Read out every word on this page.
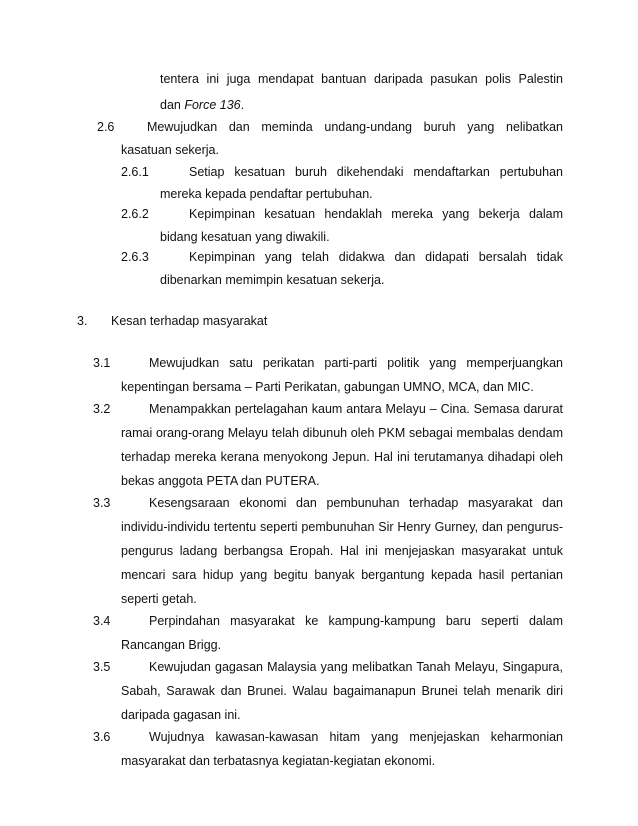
tentera ini juga mendapat bantuan daripada pasukan polis Palestin
dan Force 136.
2.6	Mewujudkan dan meminda undang-undang buruh yang nelibatkan
kasatuan sekerja.
2.6.1	Setiap kesatuan buruh dikehendaki mendaftarkan pertubuhan
mereka kepada pendaftar pertubuhan.
2.6.2	Kepimpinan kesatuan hendaklah mereka yang bekerja dalam
bidang kesatuan yang diwakili.
2.6.3	Kepimpinan yang telah didakwa dan didapati bersalah tidak
dibenarkan memimpin kesatuan sekerja.
3. Kesan terhadap masyarakat
3.1	Mewujudkan satu perikatan parti-parti politik yang memperjuangkan
kepentingan bersama – Parti Perikatan, gabungan UMNO, MCA, dan MIC.
3.2	Menampakkan pertelagahan kaum antara Melayu – Cina. Semasa darurat
ramai orang-orang Melayu telah dibunuh oleh PKM sebagai membalas dendam
terhadap mereka kerana menyokong Jepun. Hal ini terutamanya dihadapi oleh
bekas anggota PETA dan PUTERA.
3.3	Kesengsaraan ekonomi dan pembunuhan terhadap masyarakat dan
individu-individu tertentu seperti pembunuhan Sir Henry Gurney, dan pengurus-
pengurus ladang berbangsa Eropah. Hal ini menjejaskan masyarakat untuk
mencari sara hidup yang begitu banyak bergantung kepada hasil pertanian
seperti getah.
3.4	Perpindahan masyarakat ke kampung-kampung baru seperti dalam
Rancangan Brigg.
3.5	Kewujudan gagasan Malaysia yang melibatkan Tanah Melayu, Singapura,
Sabah, Sarawak dan Brunei. Walau bagaimanapun Brunei telah menarik diri
daripada gagasan ini.
3.6	Wujudnya kawasan-kawasan hitam yang menjejaskan keharmonian
masyarakat dan terbatasnya kegiatan-kegiatan ekonomi.
